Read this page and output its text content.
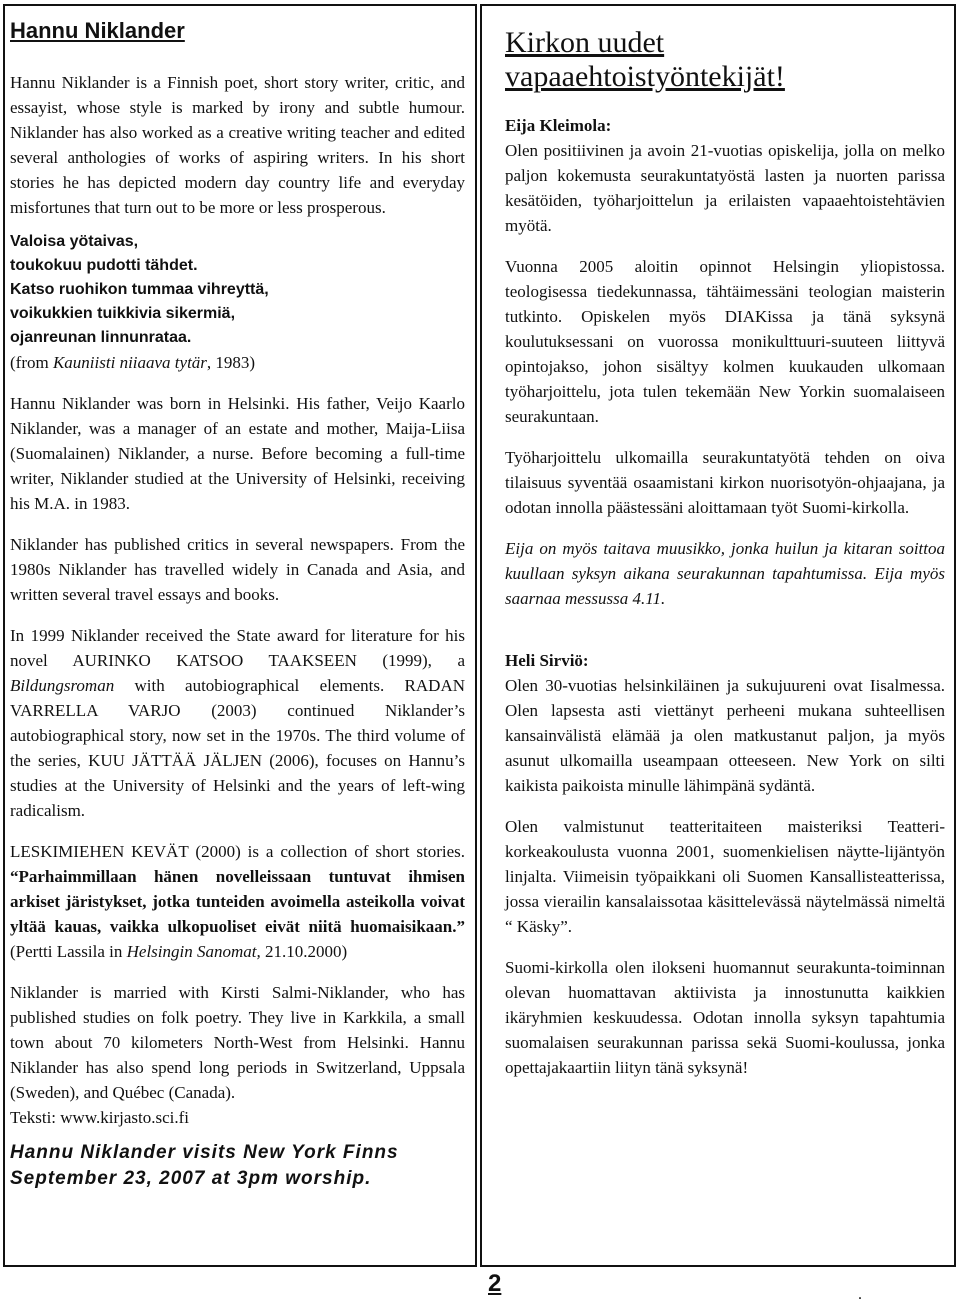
Hannu Niklander

Hannu Niklander is a Finnish poet, short story writer, critic, and essayist, whose style is marked by irony and subtle humour. Niklander has also worked as a creative writing teacher and edited several anthologies of works of aspiring writers. In his short stories he has depicted modern day country life and everyday misfortunes that turn out to be more or less prosperous.

Valoisa yötaivas,

toukokuu pudotti tähdet.

Katso ruohikon tummaa vihreyttä,

voikukkien tuikkivia sikermiä,

ojanreunan linnunrataa.

(from Kauniisti niiaava tytär, 1983)

Hannu Niklander was born in Helsinki. His father, Veijo Kaarlo Niklander, was a manager of an estate and mother, Maija-Liisa (Suomalainen) Niklander, a nurse. Before becoming a full-time writer, Niklander studied at the University of Helsinki, receiving his M.A. in 1983.

Niklander has published critics in several newspapers. From the 1980s Niklander has travelled widely in Canada and Asia, and written several travel essays and books.

In 1999 Niklander received the State award for literature for his novel AURINKO KATSOO TAAKSEEN (1999), a Bildungsroman with autobiographical elements. RADAN VARRELLA VARJO (2003) continued Niklander’s autobiographical story, now set in the 1970s. The third volume of the series, KUU JÄTTÄÄ JÄLJEN (2006), focuses on Hannu’s studies at the University of Helsinki and the years of left-wing radicalism.

LESKIMIEHEN KEVÄT (2000) is a collection of short stories. “Parhaimmillaan hänen novelleissaan tuntuvat ihmisen arkiset järistykset, jotka tunteiden avoimella asteikolla voivat yltää kauas, vaikka ulkopuoliset eivät niitä huomaisikaan.” (Pertti Lassila in Helsingin Sanomat, 21.10.2000)

Niklander is married with Kirsti Salmi-Niklander, who has published studies on folk poetry. They live in Karkkila, a small town about 70 kilometers North-West from Helsinki. Hannu Niklander has also spend long periods in Switzerland, Uppsala (Sweden), and Québec (Canada).

Teksti: www.kirjasto.sci.fi

Hannu Niklander visits New York Finns

September 23, 2007 at 3pm worship.

Kirkon uudet
vapaaehtoistyöntekijät!

Eija Kleimola:

Olen positiivinen ja avoin 21-vuotias opiskelija, jolla on melko paljon kokemusta seurakuntatyöstä lasten ja nuorten parissa kesätöiden, työharjoittelun ja erilaisten vapaaehtoistehtävien myötä.

Vuonna 2005 aloitin opinnot Helsingin yliopistossa. teologisessa tiedekunnassa, tähtäimessäni teologian maisterin tutkinto. Opiskelen myös DIAKissa ja tänä syksynä koulutuksessani on vuorossa monikulttuuri-suuteen liittyvä opintojakso, johon sisältyy kolmen kuukauden ulkomaan työharjoittelu, jota tulen tekemään New Yorkin suomalaiseen seurakuntaan.

Työharjoittelu ulkomailla seurakuntatyötä tehden on oiva tilaisuus syventää osaamistani kirkon nuorisotyön-ohjaajana, ja odotan innolla päästessäni aloittamaan työt Suomi-kirkolla.

Eija on myös taitava muusikko, jonka huilun ja kitaran soittoa kuullaan syksyn aikana seurakunnan tapahtumissa. Eija myös saarnaa messussa 4.11.

Heli Sirviö:

Olen 30-vuotias helsinkiläinen ja sukujuureni ovat Iisalmessa. Olen lapsesta asti viettänyt perheeni mukana suhteellisen kansainvälistä elämää ja olen matkustanut paljon, ja myös asunut ulkomailla useampaan otteeseen. New York on silti kaikista paikoista minulle lähimpänä sydäntä.

Olen valmistunut teatteritaiteen maisteriksi Teatteri-korkeakoulusta vuonna 2001, suomenkielisen näytte-lijäntyön linjalta. Viimeisin työpaikkani oli Suomen Kansallisteatterissa, jossa vierailin kansalaissotaa käsittelevässä näytelmässä nimeltä “ Käsky”.

Suomi-kirkolla olen ilokseni huomannut seurakunta-toiminnan olevan huomattavan aktiivista ja innostunutta kaikkien ikäryhmien keskuudessa. Odotan innolla syksyn tapahtumia suomalaisen seurakunnan parissa sekä Suomi-koulussa, jonka opettajakaartiin liityn tänä syksynä!

2	.
